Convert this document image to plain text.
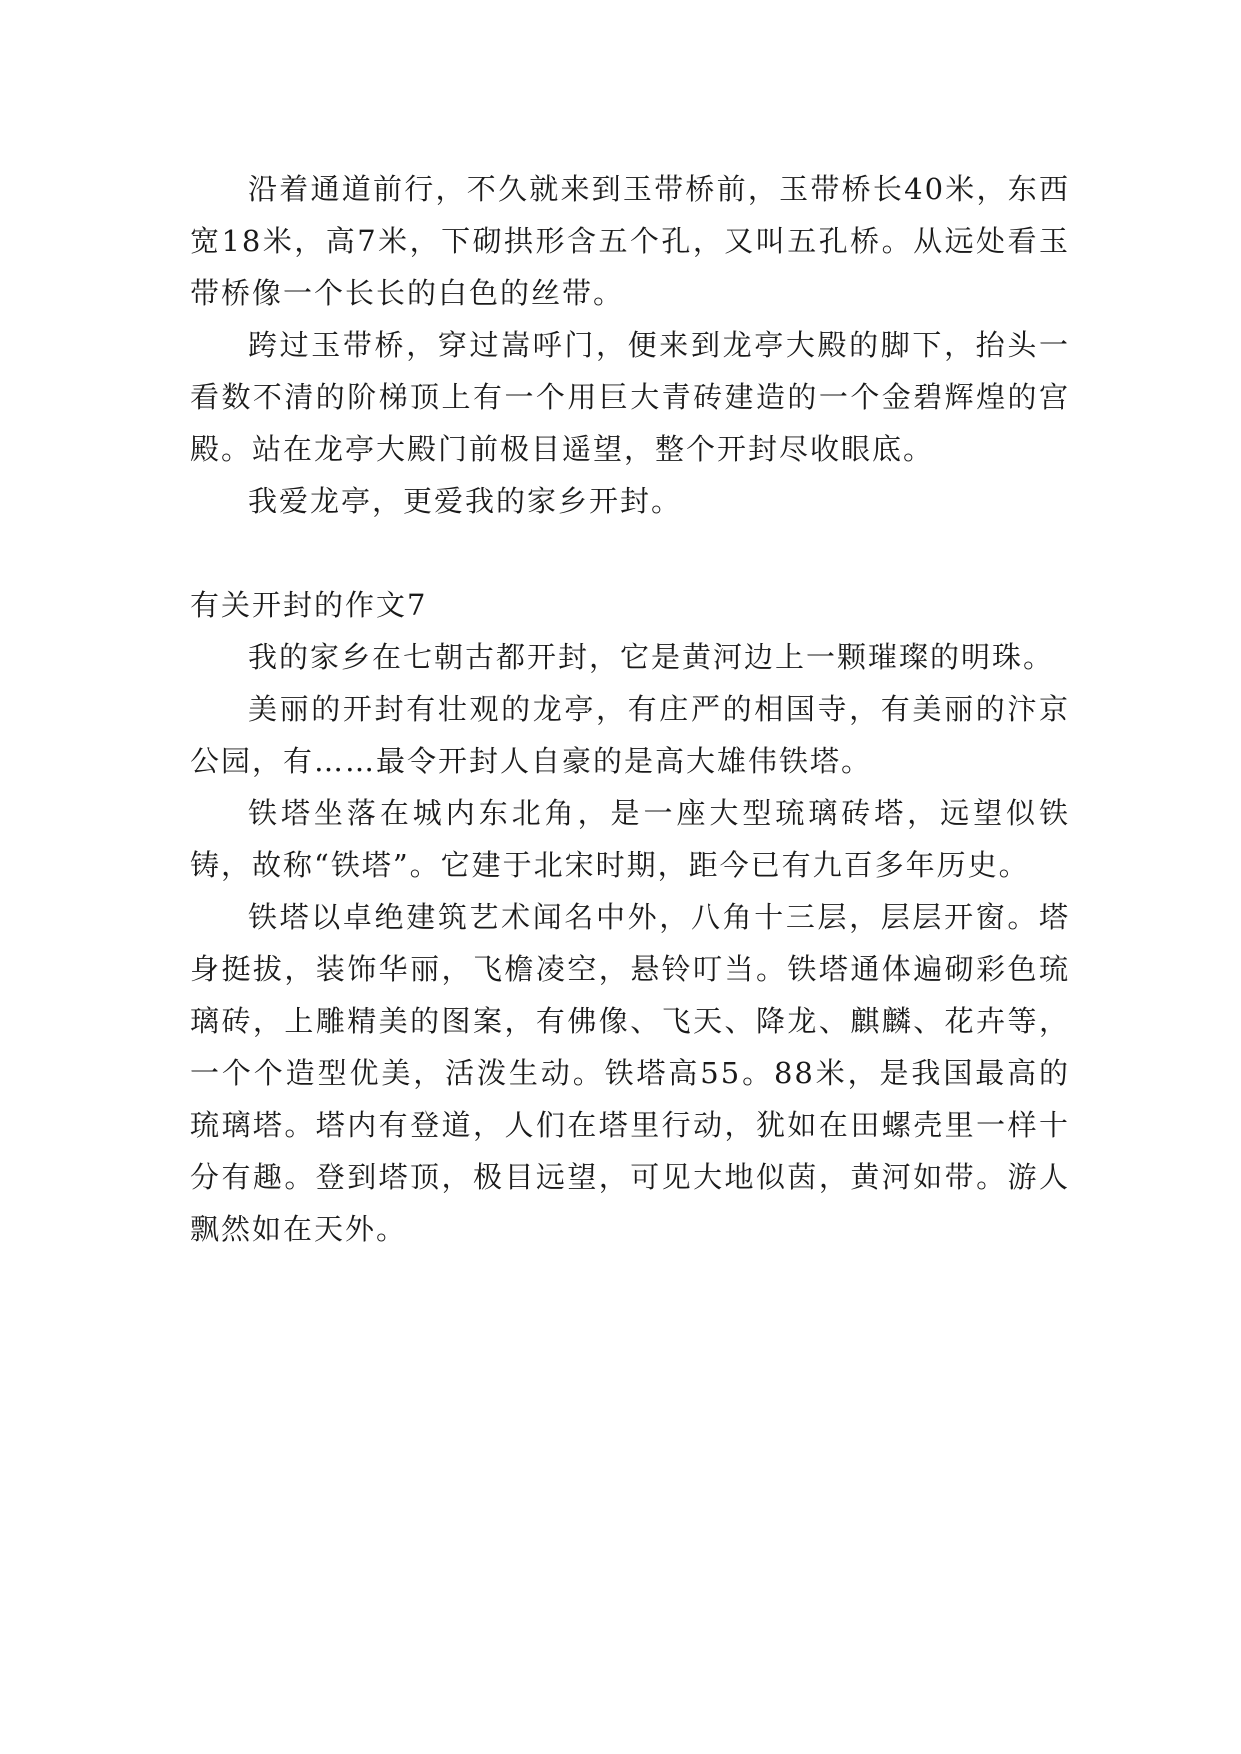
沿着通道前行，不久就来到玉带桥前，玉带桥长40米，东西宽18米，高7米，下砌拱形含五个孔，又叫五孔桥。从远处看玉带桥像一个长长的白色的丝带。

跨过玉带桥，穿过嵩呼门，便来到龙亭大殿的脚下，抬头一看数不清的阶梯顶上有一个用巨大青砖建造的一个金碧辉煌的宫殿。站在龙亭大殿门前极目遥望，整个开封尽收眼底。

我爱龙亭，更爱我的家乡开封。

有关开封的作文7

我的家乡在七朝古都开封，它是黄河边上一颗璀璨的明珠。

美丽的开封有壮观的龙亭，有庄严的相国寺，有美丽的汴京公园，有……最令开封人自豪的是高大雄伟铁塔。

铁塔坐落在城内东北角，是一座大型琉璃砖塔，远望似铁铸，故称“铁塔”。它建于北宋时期，距今已有九百多年历史。

铁塔以卓绝建筑艺术闻名中外，八角十三层，层层开窗。塔身挺拔，装饰华丽，飞檐凌空，悬铃叮当。铁塔通体遍砌彩色琉璃砖，上雕精美的图案，有佛像、飞天、降龙、麒麟、花卉等，一个个造型优美，活泼生动。铁塔高55。88米，是我国最高的琉璃塔。塔内有登道，人们在塔里行动，犹如在田螺壳里一样十分有趣。登到塔顶，极目远望，可见大地似茵，黄河如带。游人飘然如在天外。
